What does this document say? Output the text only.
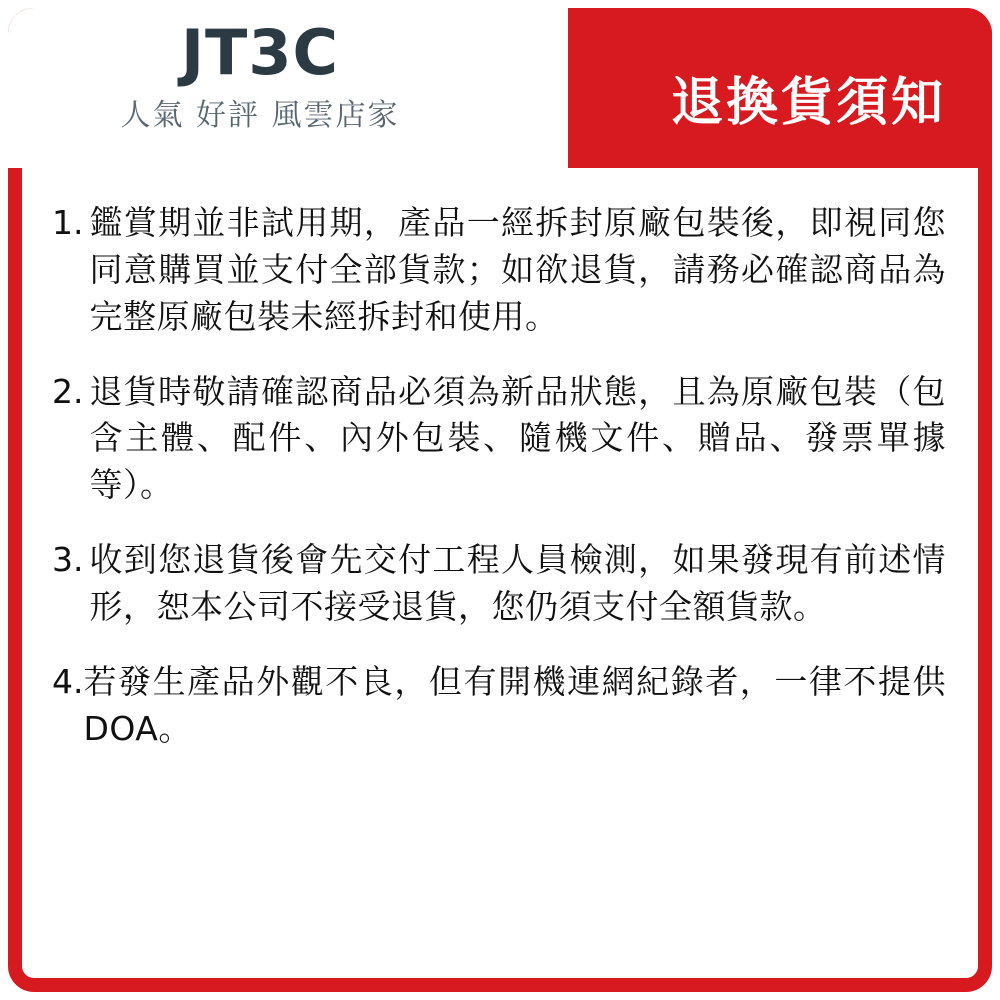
JT3C
人氣 好評 風雲店家	退換貨須知
1. 鑑賞期並非試用期，產品一經拆封原廠包裝後，即視同您同意購買並支付全部貨款；如欲退貨，請務必確認商品為完整原廠包裝未經拆封和使用。
2. 退貨時敬請確認商品必須為新品狀態，且為原廠包裝（包含主體、配件、內外包裝、隨機文件、贈品、發票單據等）。
3. 收到您退貨後會先交付工程人員檢測，如果發現有前述情形，恕本公司不接受退貨，您仍須支付全額貨款。
4. 若發生產品外觀不良，但有開機連網紀錄者，一律不提供 DOA。
